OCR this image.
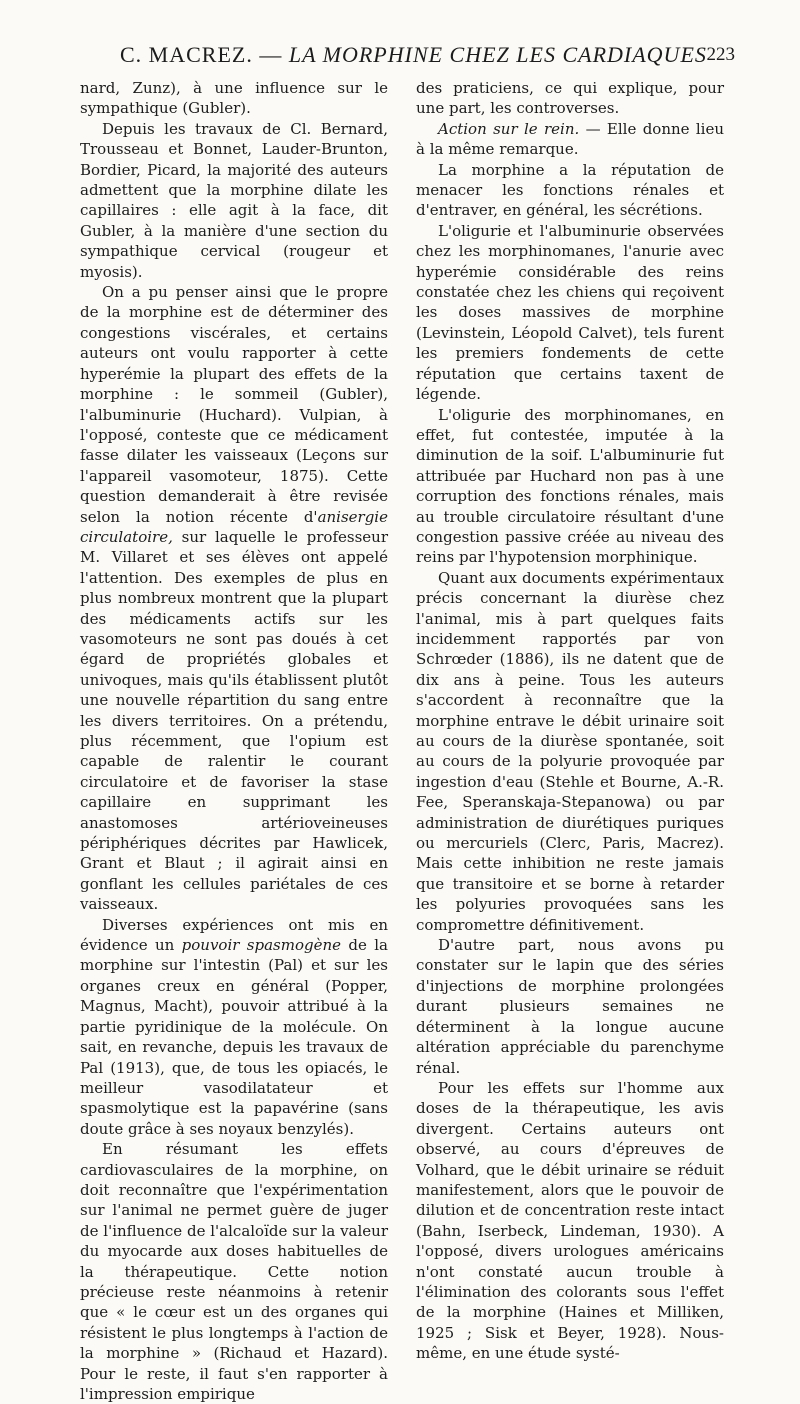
C. MACREZ. — LA MORPHINE CHEZ LES CARDIAQUES 223

nard, Zunz), à une influence sur le sympathique (Gubler).

Depuis les travaux de Cl. Bernard, Trousseau et Bonnet, Lauder-Brunton, Bordier, Picard, la majorité des auteurs admettent que la morphine dilate les capillaires : elle agit à la face, dit Gubler, à la manière d'une section du sympathique cervical (rougeur et myosis).

On a pu penser ainsi que le propre de la morphine est de déterminer des congestions viscérales, et certains auteurs ont voulu rapporter à cette hyperémie la plupart des effets de la morphine : le sommeil (Gubler), l'albuminurie (Huchard). Vulpian, à l'opposé, conteste que ce médicament fasse dilater les vaisseaux (Leçons sur l'appareil vasomoteur, 1875). Cette question demanderait à être revisée selon la notion récente d'anisergie circulatoire, sur laquelle le professeur M. Villaret et ses élèves ont appelé l'attention. Des exemples de plus en plus nombreux montrent que la plupart des médicaments actifs sur les vasomoteurs ne sont pas doués à cet égard de propriétés globales et univoques, mais qu'ils établissent plutôt une nouvelle répartition du sang entre les divers territoires. On a prétendu, plus récemment, que l'opium est capable de ralentir le courant circulatoire et de favoriser la stase capillaire en supprimant les anastomoses artérioveineuses périphériques décrites par Hawlicek, Grant et Blaut ; il agirait ainsi en gonflant les cellules pariétales de ces vaisseaux.

Diverses expériences ont mis en évidence un pouvoir spasmogène de la morphine sur l'intestin (Pal) et sur les organes creux en général (Popper, Magnus, Macht), pouvoir attribué à la partie pyridinique de la molécule. On sait, en revanche, depuis les travaux de Pal (1913), que, de tous les opiacés, le meilleur vasodilatateur et spasmolytique est la papavérine (sans doute grâce à ses noyaux benzylés).

En résumant les effets cardiovasculaires de la morphine, on doit reconnaître que l'expérimentation sur l'animal ne permet guère de juger de l'influence de l'alcaloïde sur la valeur du myocarde aux doses habituelles de la thérapeutique. Cette notion précieuse reste néanmoins à retenir que « le cœur est un des organes qui résistent le plus longtemps à l'action de la morphine » (Richaud et Hazard). Pour le reste, il faut s'en rapporter à l'impression empirique

des praticiens, ce qui explique, pour une part, les controverses.

Action sur le rein. — Elle donne lieu à la même remarque.

La morphine a la réputation de menacer les fonctions rénales et d'entraver, en général, les sécrétions.

L'oligurie et l'albuminurie observées chez les morphinomanes, l'anurie avec hyperémie considérable des reins constatée chez les chiens qui reçoivent les doses massives de morphine (Levinstein, Léopold Calvet), tels furent les premiers fondements de cette réputation que certains taxent de légende.

L'oligurie des morphinomanes, en effet, fut contestée, imputée à la diminution de la soif. L'albuminurie fut attribuée par Huchard non pas à une corruption des fonctions rénales, mais au trouble circulatoire résultant d'une congestion passive créée au niveau des reins par l'hypotension morphinique.

Quant aux documents expérimentaux précis concernant la diurèse chez l'animal, mis à part quelques faits incidemment rapportés par von Schrœder (1886), ils ne datent que de dix ans à peine. Tous les auteurs s'accordent à reconnaître que la morphine entrave le débit urinaire soit au cours de la diurèse spontanée, soit au cours de la polyurie provoquée par ingestion d'eau (Stehle et Bourne, A.-R. Fee, Speranskaja-Stepanowa) ou par administration de diurétiques puriques ou mercuriels (Clerc, Paris, Macrez). Mais cette inhibition ne reste jamais que transitoire et se borne à retarder les polyuries provoquées sans les compromettre définitivement.

D'autre part, nous avons pu constater sur le lapin que des séries d'injections de morphine prolongées durant plusieurs semaines ne déterminent à la longue aucune altération appréciable du parenchyme rénal.

Pour les effets sur l'homme aux doses de la thérapeutique, les avis divergent. Certains auteurs ont observé, au cours d'épreuves de Volhard, que le débit urinaire se réduit manifestement, alors que le pouvoir de dilution et de concentration reste intact (Bahn, Iserbeck, Lindeman, 1930). A l'opposé, divers urologues américains n'ont constaté aucun trouble à l'élimination des colorants sous l'effet de la morphine (Haines et Milliken, 1925 ; Sisk et Beyer, 1928). Nous-même, en une étude systé-
